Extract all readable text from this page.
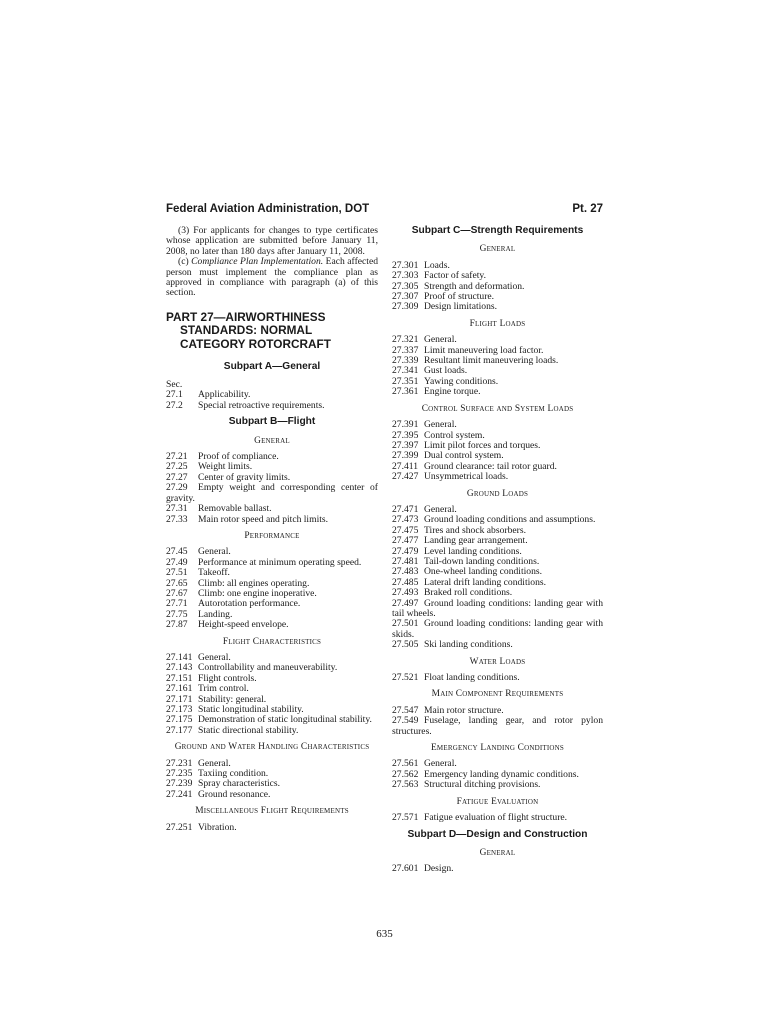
Federal Aviation Administration, DOT	Pt. 27

(3) For applicants for changes to type certificates whose application are submitted before January 11, 2008, no later than 180 days after January 11, 2008.

(c) Compliance Plan Implementation. Each affected person must implement the compliance plan as approved in compliance with paragraph (a) of this section.

PART 27—AIRWORTHINESS STANDARDS: NORMAL CATEGORY ROTORCRAFT
Subpart A—General

Sec.

27.1 Applicability.
27.2 Special retroactive requirements.
Subpart B—Flight
General
27.21 Proof of compliance.
27.25 Weight limits.
27.27 Center of gravity limits.
27.29 Empty weight and corresponding center of gravity.
27.31 Removable ballast.
27.33 Main rotor speed and pitch limits.
Performance
27.45 General.
27.49 Performance at minimum operating speed.
27.51 Takeoff.
27.65 Climb: all engines operating.
27.67 Climb: one engine inoperative.
27.71 Autorotation performance.
27.75 Landing.
27.87 Height-speed envelope.
Flight Characteristics
27.141 General.
27.143 Controllability and maneuverability.
27.151 Flight controls.
27.161 Trim control.
27.171 Stability: general.
27.173 Static longitudinal stability.
27.175 Demonstration of static longitudinal stability.
27.177 Static directional stability.
Ground and Water Handling Characteristics
27.231 General.
27.235 Taxiing condition.
27.239 Spray characteristics.
27.241 Ground resonance.
Miscellaneous Flight Requirements
27.251 Vibration.
Subpart C—Strength Requirements
General
27.301 Loads.
27.303 Factor of safety.
27.305 Strength and deformation.
27.307 Proof of structure.
27.309 Design limitations.
Flight Loads
27.321 General.
27.337 Limit maneuvering load factor.
27.339 Resultant limit maneuvering loads.
27.341 Gust loads.
27.351 Yawing conditions.
27.361 Engine torque.
Control Surface and System Loads
27.391 General.
27.395 Control system.
27.397 Limit pilot forces and torques.
27.399 Dual control system.
27.411 Ground clearance: tail rotor guard.
27.427 Unsymmetrical loads.
Ground Loads
27.471 General.
27.473 Ground loading conditions and assumptions.
27.475 Tires and shock absorbers.
27.477 Landing gear arrangement.
27.479 Level landing conditions.
27.481 Tail-down landing conditions.
27.483 One-wheel landing conditions.
27.485 Lateral drift landing conditions.
27.493 Braked roll conditions.
27.497 Ground loading conditions: landing gear with tail wheels.
27.501 Ground loading conditions: landing gear with skids.
27.505 Ski landing conditions.
Water Loads
27.521 Float landing conditions.
Main Component Requirements
27.547 Main rotor structure.
27.549 Fuselage, landing gear, and rotor pylon structures.
Emergency Landing Conditions
27.561 General.
27.562 Emergency landing dynamic conditions.
27.563 Structural ditching provisions.
Fatigue Evaluation
27.571 Fatigue evaluation of flight structure.
Subpart D—Design and Construction
General
27.601 Design.
635
